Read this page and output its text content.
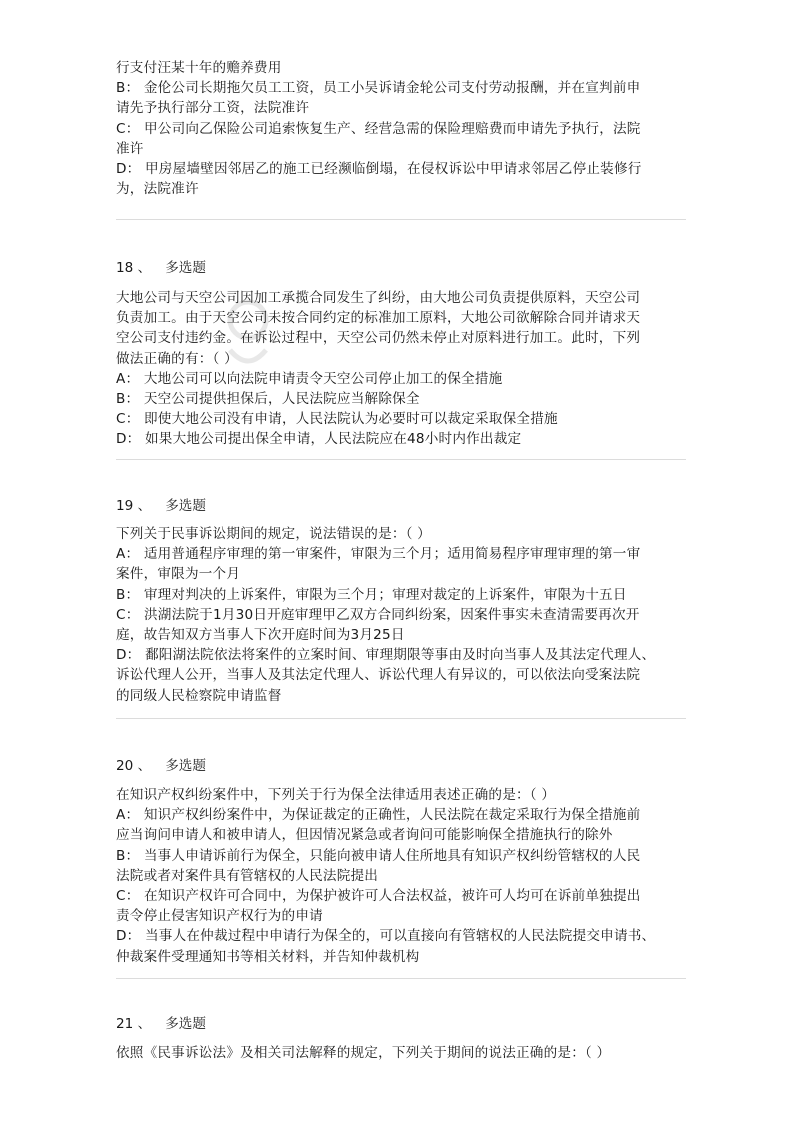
行支付汪某十年的赡养费用
B： 金伦公司长期拖欠员工工资，员工小吴诉请金轮公司支付劳动报酬，并在宣判前申
请先予执行部分工资，法院准许
C： 甲公司向乙保险公司追索恢复生产、经营急需的保险理赔费而申请先予执行，法院
准许
D： 甲房屋墙壁因邻居乙的施工已经濒临倒塌，在侵权诉讼中甲请求邻居乙停止装修行
为，法院准许
18 、 多选题
大地公司与天空公司因加工承揽合同发生了纠纷，由大地公司负责提供原料，天空公司
负责加工。由于天空公司未按合同约定的标准加工原料，大地公司欲解除合同并请求天
空公司支付违约金。在诉讼过程中，天空公司仍然未停止对原料进行加工。此时，下列
做法正确的有：（ ）
A： 大地公司可以向法院申请责令天空公司停止加工的保全措施
B： 天空公司提供担保后，人民法院应当解除保全
C： 即使大地公司没有申请，人民法院认为必要时可以裁定采取保全措施
D： 如果大地公司提出保全申请，人民法院应在48小时内作出裁定
19 、 多选题
下列关于民事诉讼期间的规定，说法错误的是：（ ）
A： 适用普通程序审理的第一审案件，审限为三个月；适用简易程序审理审理的第一审
案件，审限为一个月
B： 审理对判决的上诉案件，审限为三个月；审理对裁定的上诉案件，审限为十五日
C： 洪湖法院于1月30日开庭审理甲乙双方合同纠纷案，因案件事实未查清需要再次开
庭，故告知双方当事人下次开庭时间为3月25日
D： 鄱阳湖法院依法将案件的立案时间、审理期限等事由及时向当事人及其法定代理人、
诉讼代理人公开，当事人及其法定代理人、诉讼代理人有异议的，可以依法向受案法院
的同级人民检察院申请监督
20 、 多选题
在知识产权纠纷案件中，下列关于行为保全法律适用表述正确的是：（ ）
A： 知识产权纠纷案件中，为保证裁定的正确性，人民法院在裁定采取行为保全措施前
应当询问申请人和被申请人，但因情况紧急或者询问可能影响保全措施执行的除外
B： 当事人申请诉前行为保全，只能向被申请人住所地具有知识产权纠纷管辖权的人民
法院或者对案件具有管辖权的人民法院提出
C： 在知识产权许可合同中，为保护被许可人合法权益，被许可人均可在诉前单独提出
责令停止侵害知识产权行为的申请
D： 当事人在仲裁过程中申请行为保全的，可以直接向有管辖权的人民法院提交申请书、
仲裁案件受理通知书等相关材料，并告知仲裁机构
21 、 多选题
依照《民事诉讼法》及相关司法解释的规定，下列关于期间的说法正确的是：（ ）
